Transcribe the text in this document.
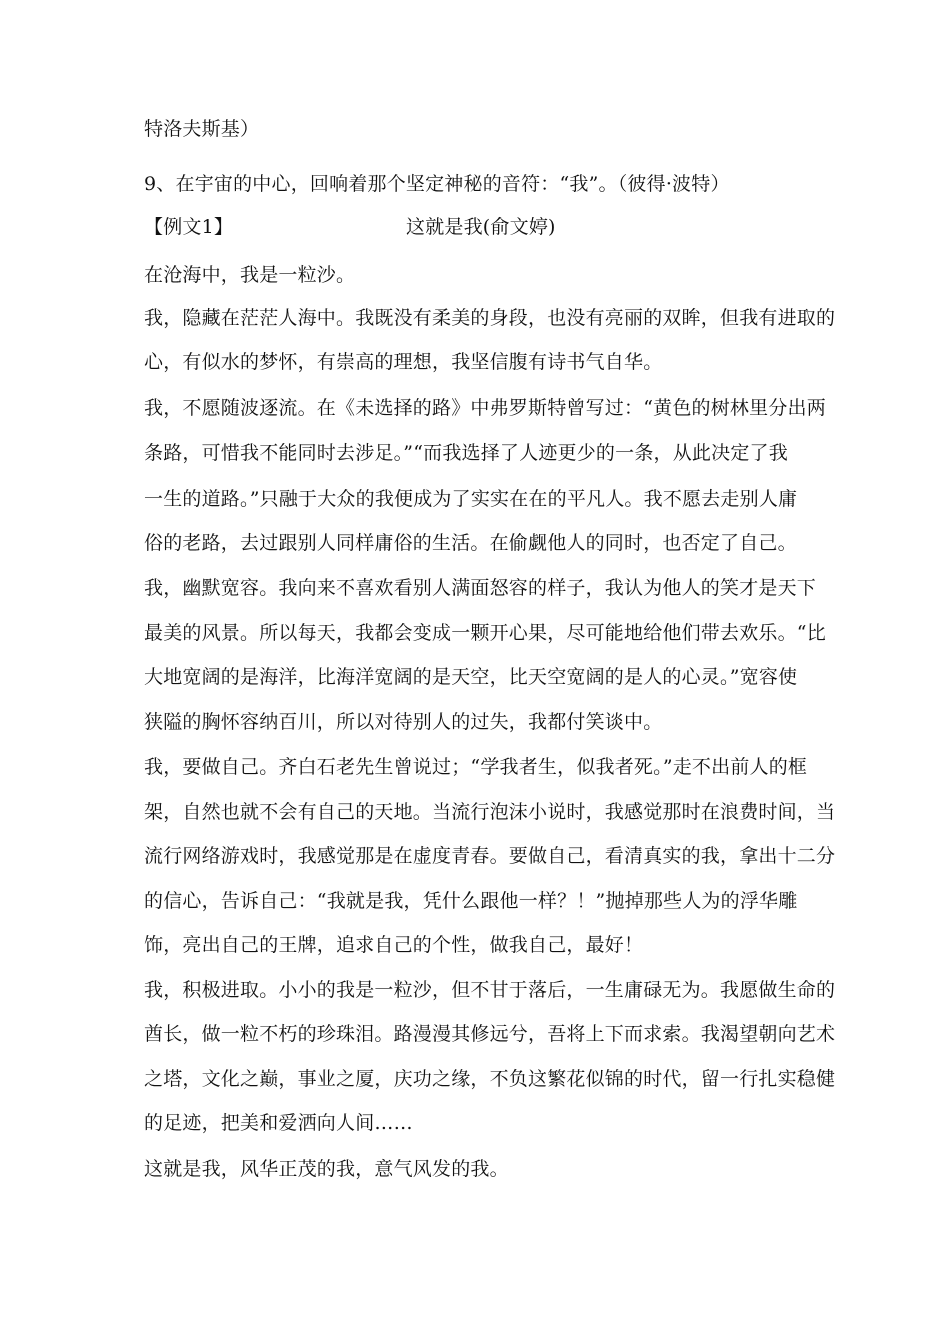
特洛夫斯基）
9、在宇宙的中心，回响着那个坚定神秘的音符：“我”。（彼得·波特）
【例文1】	这就是我(俞文婷)
在沧海中，我是一粒沙。
我，隐藏在茫茫人海中。我既没有柔美的身段，也没有亮丽的双眸，但我有进取的
心，有似水的梦怀，有崇高的理想，我坚信腹有诗书气自华。
我，不愿随波逐流。在《未选择的路》中弗罗斯特曾写过：“黄色的树林里分出两
条路，可惜我不能同时去涉足。”“而我选择了人迹更少的一条，从此决定了我
一生的道路。”只融于大众的我便成为了实实在在的平凡人。我不愿去走别人庸
俗的老路，去过跟别人同样庸俗的生活。在偷觑他人的同时，也否定了自己。
我，幽默宽容。我向来不喜欢看别人满面怒容的样子，我认为他人的笑才是天下
最美的风景。所以每天，我都会变成一颗开心果，尽可能地给他们带去欢乐。“比
大地宽阔的是海洋，比海洋宽阔的是天空，比天空宽阔的是人的心灵。”宽容使
狭隘的胸怀容纳百川，所以对待别人的过失，我都付笑谈中。
我，要做自己。齐白石老先生曾说过；“学我者生，似我者死。”走不出前人的框
架，自然也就不会有自己的天地。当流行泡沫小说时，我感觉那时在浪费时间，当
流行网络游戏时，我感觉那是在虚度青春。要做自己，看清真实的我，拿出十二分
的信心，告诉自己：“我就是我，凭什么跟他一样？！”抛掉那些人为的浮华雕
饰，亮出自己的王牌，追求自己的个性，做我自己，最好！
我，积极进取。小小的我是一粒沙，但不甘于落后，一生庸碌无为。我愿做生命的
酋长，做一粒不朽的珍珠泪。路漫漫其修远兮，吾将上下而求索。我渴望朝向艺术
之塔，文化之巅，事业之厦，庆功之缘，不负这繁花似锦的时代，留一行扎实稳健
的足迹，把美和爱洒向人间……
这就是我，风华正茂的我，意气风发的我。
